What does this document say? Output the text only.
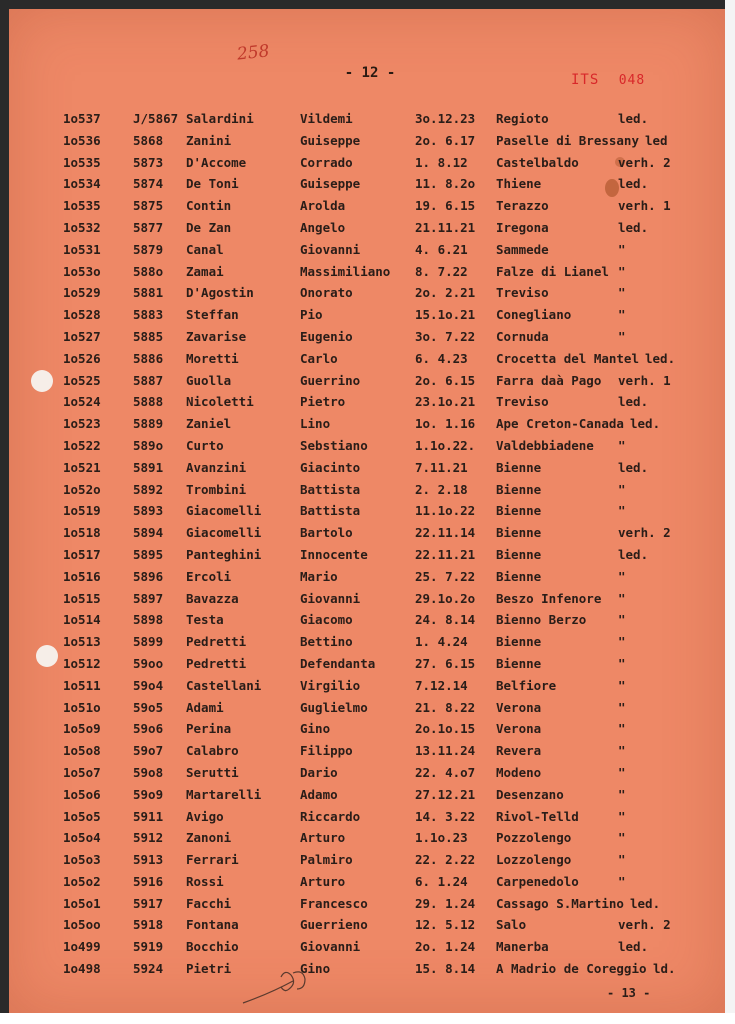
258
- 12 -	ITS 048
1o537	J/5867 Salardini	Vildemi	3o.12.23 Regioto	led.
1o536	5868 Zanini	Guiseppe	2o. 6.17 Paselle di Bressany led
1o535	5873 D'Accome	Corrado	1. 8.12 Castelbaldo	verh. 2
1o534	5874 De Toni	Guiseppe	11. 8.2o Thiene	led.
1o535	5875 Contin	Arolda	19. 6.15 Terazzo	verh. 1
1o532	5877 De Zan	Angelo	21.11.21 Iregona	led.
1o531	5879 Canal	Giovanni	4. 6.21 Sammede	"
1o53o	588o Zamai	Massimiliano 8. 7.22 Falze di Lianel "
1o529	5881 D'Agostin	Onorato	2o. 2.21 Treviso	"
1o528	5883 Steffan	Pio	15.1o.21 Conegliano	"
1o527	5885 Zavarise	Eugenio	3o. 7.22 Cornuda	"
1o526	5886 Moretti	Carlo	6. 4.23 Crocetta del Mantel led.
1o525	5887 Guolla	Guerrino	2o. 6.15 Farra daà Pago verh. 1
1o524	5888 Nicoletti	Pietro	23.1o.21 Treviso	led.
1o523	5889 Zaniel	Lino	1o. 1.16 Ape Creton-Canada led.
1o522	589o Curto	Sebstiano	1.1o.22. Valdebbiadene "
1o521	5891 Avanzini	Giacinto	7.11.21 Bienne	led.
1o52o	5892 Trombini	Battista	2. 2.18 Bienne	"
1o519	5893 Giacomelli	Battista	11.1o.22 Bienne	"
1o518	5894 Giacomelli	Bartolo	22.11.14 Bienne	verh. 2
1o517	5895 Panteghini	Innocente	22.11.21 Bienne	led.
1o516	5896 Ercoli	Mario	25. 7.22 Bienne	"
1o515	5897 Bavazza	Giovanni	29.1o.2o Beszo Infenore "
1o514	5898 Testa	Giacomo	24. 8.14 Bienno Berzo	"
1o513	5899 Pedretti	Bettino	1. 4.24 Bienne	"
1o512	59oo Pedretti	Defendanta	27. 6.15 Bienne	"
1o511	59o4 Castellani	Virgilio	7.12.14 Belfiore	"
1o51o	59o5 Adami	Guglielmo	21. 8.22 Verona	"
1o5o9	59o6 Perina	Gino	2o.1o.15 Verona	"
1o5o8	59o7 Calabro	Filippo	13.11.24 Revera	"
1o5o7	59o8 Serutti	Dario	22. 4.o7 Modeno	"
1o5o6	59o9 Martarelli	Adamo	27.12.21 Desenzano	"
1o5o5	5911 Avigo	Riccardo	14. 3.22 Rivol-Telld	"
1o5o4	5912 Zanoni	Arturo	1.1o.23 Pozzolengo	"
1o5o3	5913 Ferrari	Palmiro	22. 2.22 Lozzolengo	"
1o5o2	5916 Rossi	Arturo	6. 1.24 Carpenedolo	"
1o5o1	5917 Facchi	Francesco	29. 1.24 Cassago S.Martino led.
1o5oo	5918 Fontana	Guerrieno	12. 5.12 Salo	verh. 2
1o499	5919 Bocchio	Giovanni	2o. 1.24 Manerba	led.
1o498	5924 Pietri	Gino	15. 8.14 A Madrio de Coreggio ld.
- 13 -
